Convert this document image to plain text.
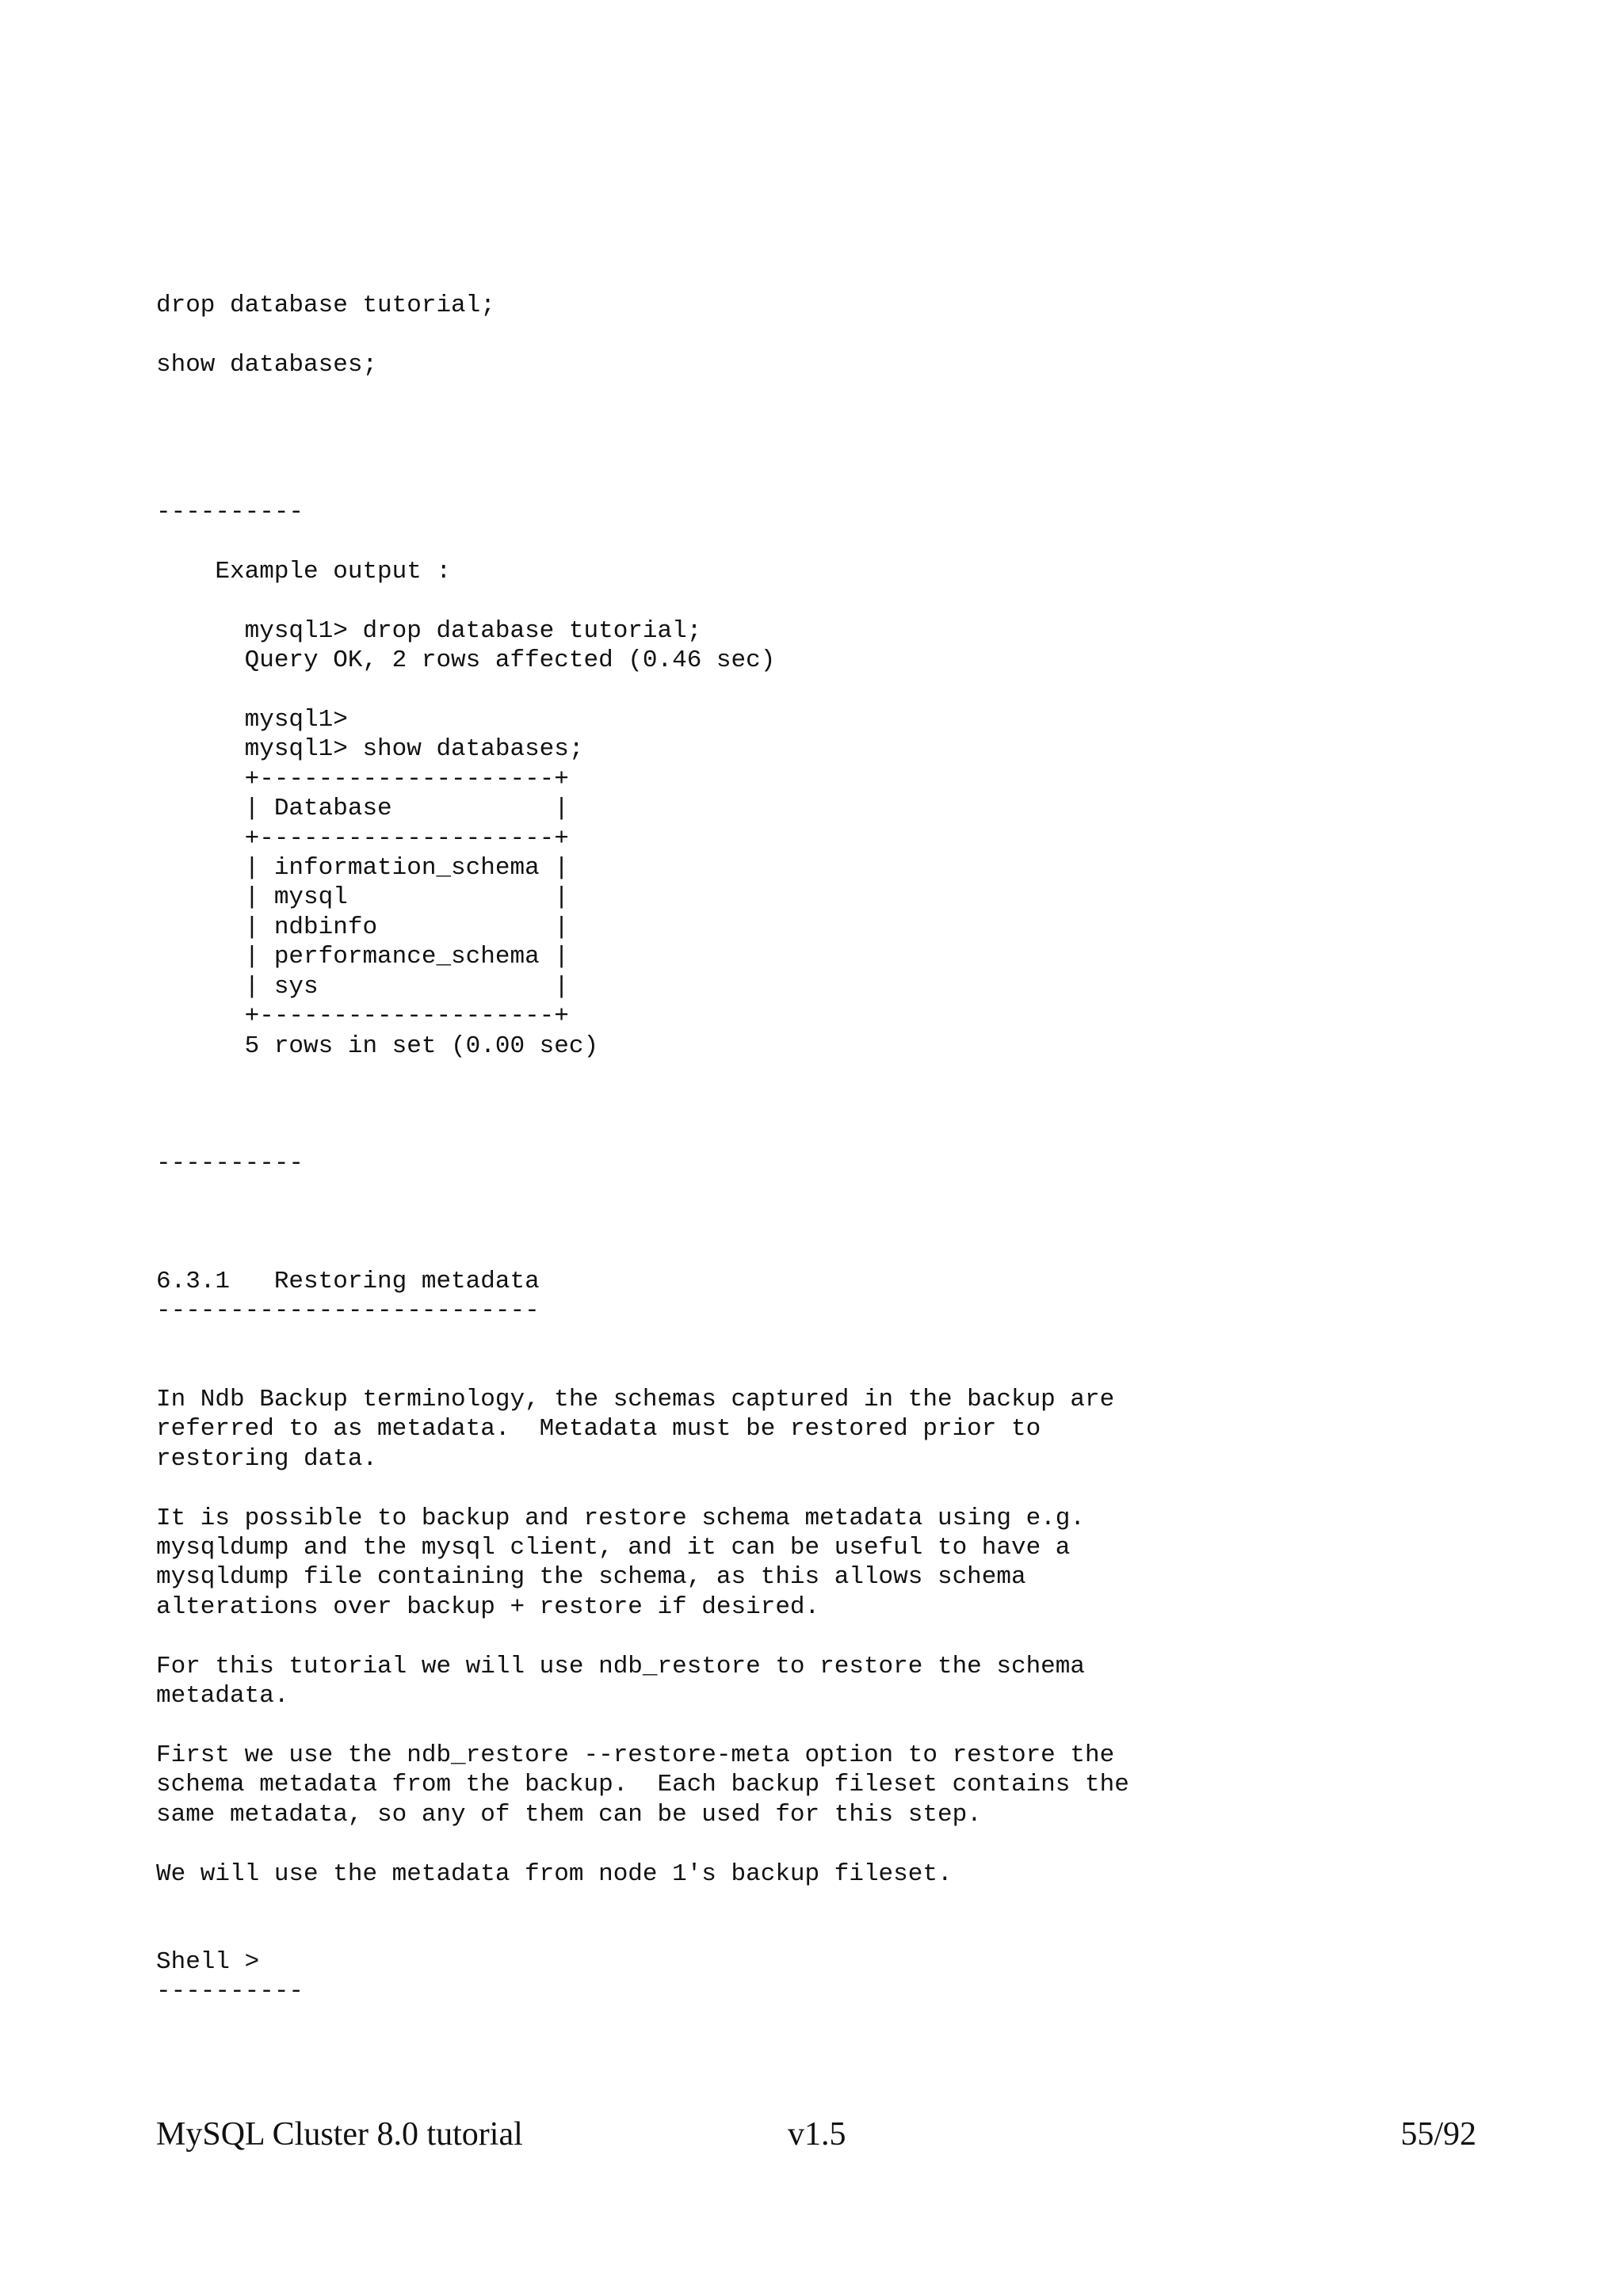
drop database tutorial;

show databases;
----------
Example output :

mysql1> drop database tutorial;
Query OK, 2 rows affected (0.46 sec)

mysql1>
mysql1> show databases;
+--------------------+
| Database           |
+--------------------+
| information_schema |
| mysql              |
| ndbinfo            |
| performance_schema |
| sys                |
+--------------------+
5 rows in set (0.00 sec)
----------
6.3.1   Restoring metadata
--------------------------
In Ndb Backup terminology, the schemas captured in the backup are
referred to as metadata.  Metadata must be restored prior to
restoring data.

It is possible to backup and restore schema metadata using e.g.
mysqldump and the mysql client, and it can be useful to have a
mysqldump file containing the schema, as this allows schema
alterations over backup + restore if desired.

For this tutorial we will use ndb_restore to restore the schema
metadata.

First we use the ndb_restore --restore-meta option to restore the
schema metadata from the backup.  Each backup fileset contains the
same metadata, so any of them can be used for this step.

We will use the metadata from node 1's backup fileset.
Shell >
----------
MySQL Cluster 8.0 tutorial	v1.5	55/92
